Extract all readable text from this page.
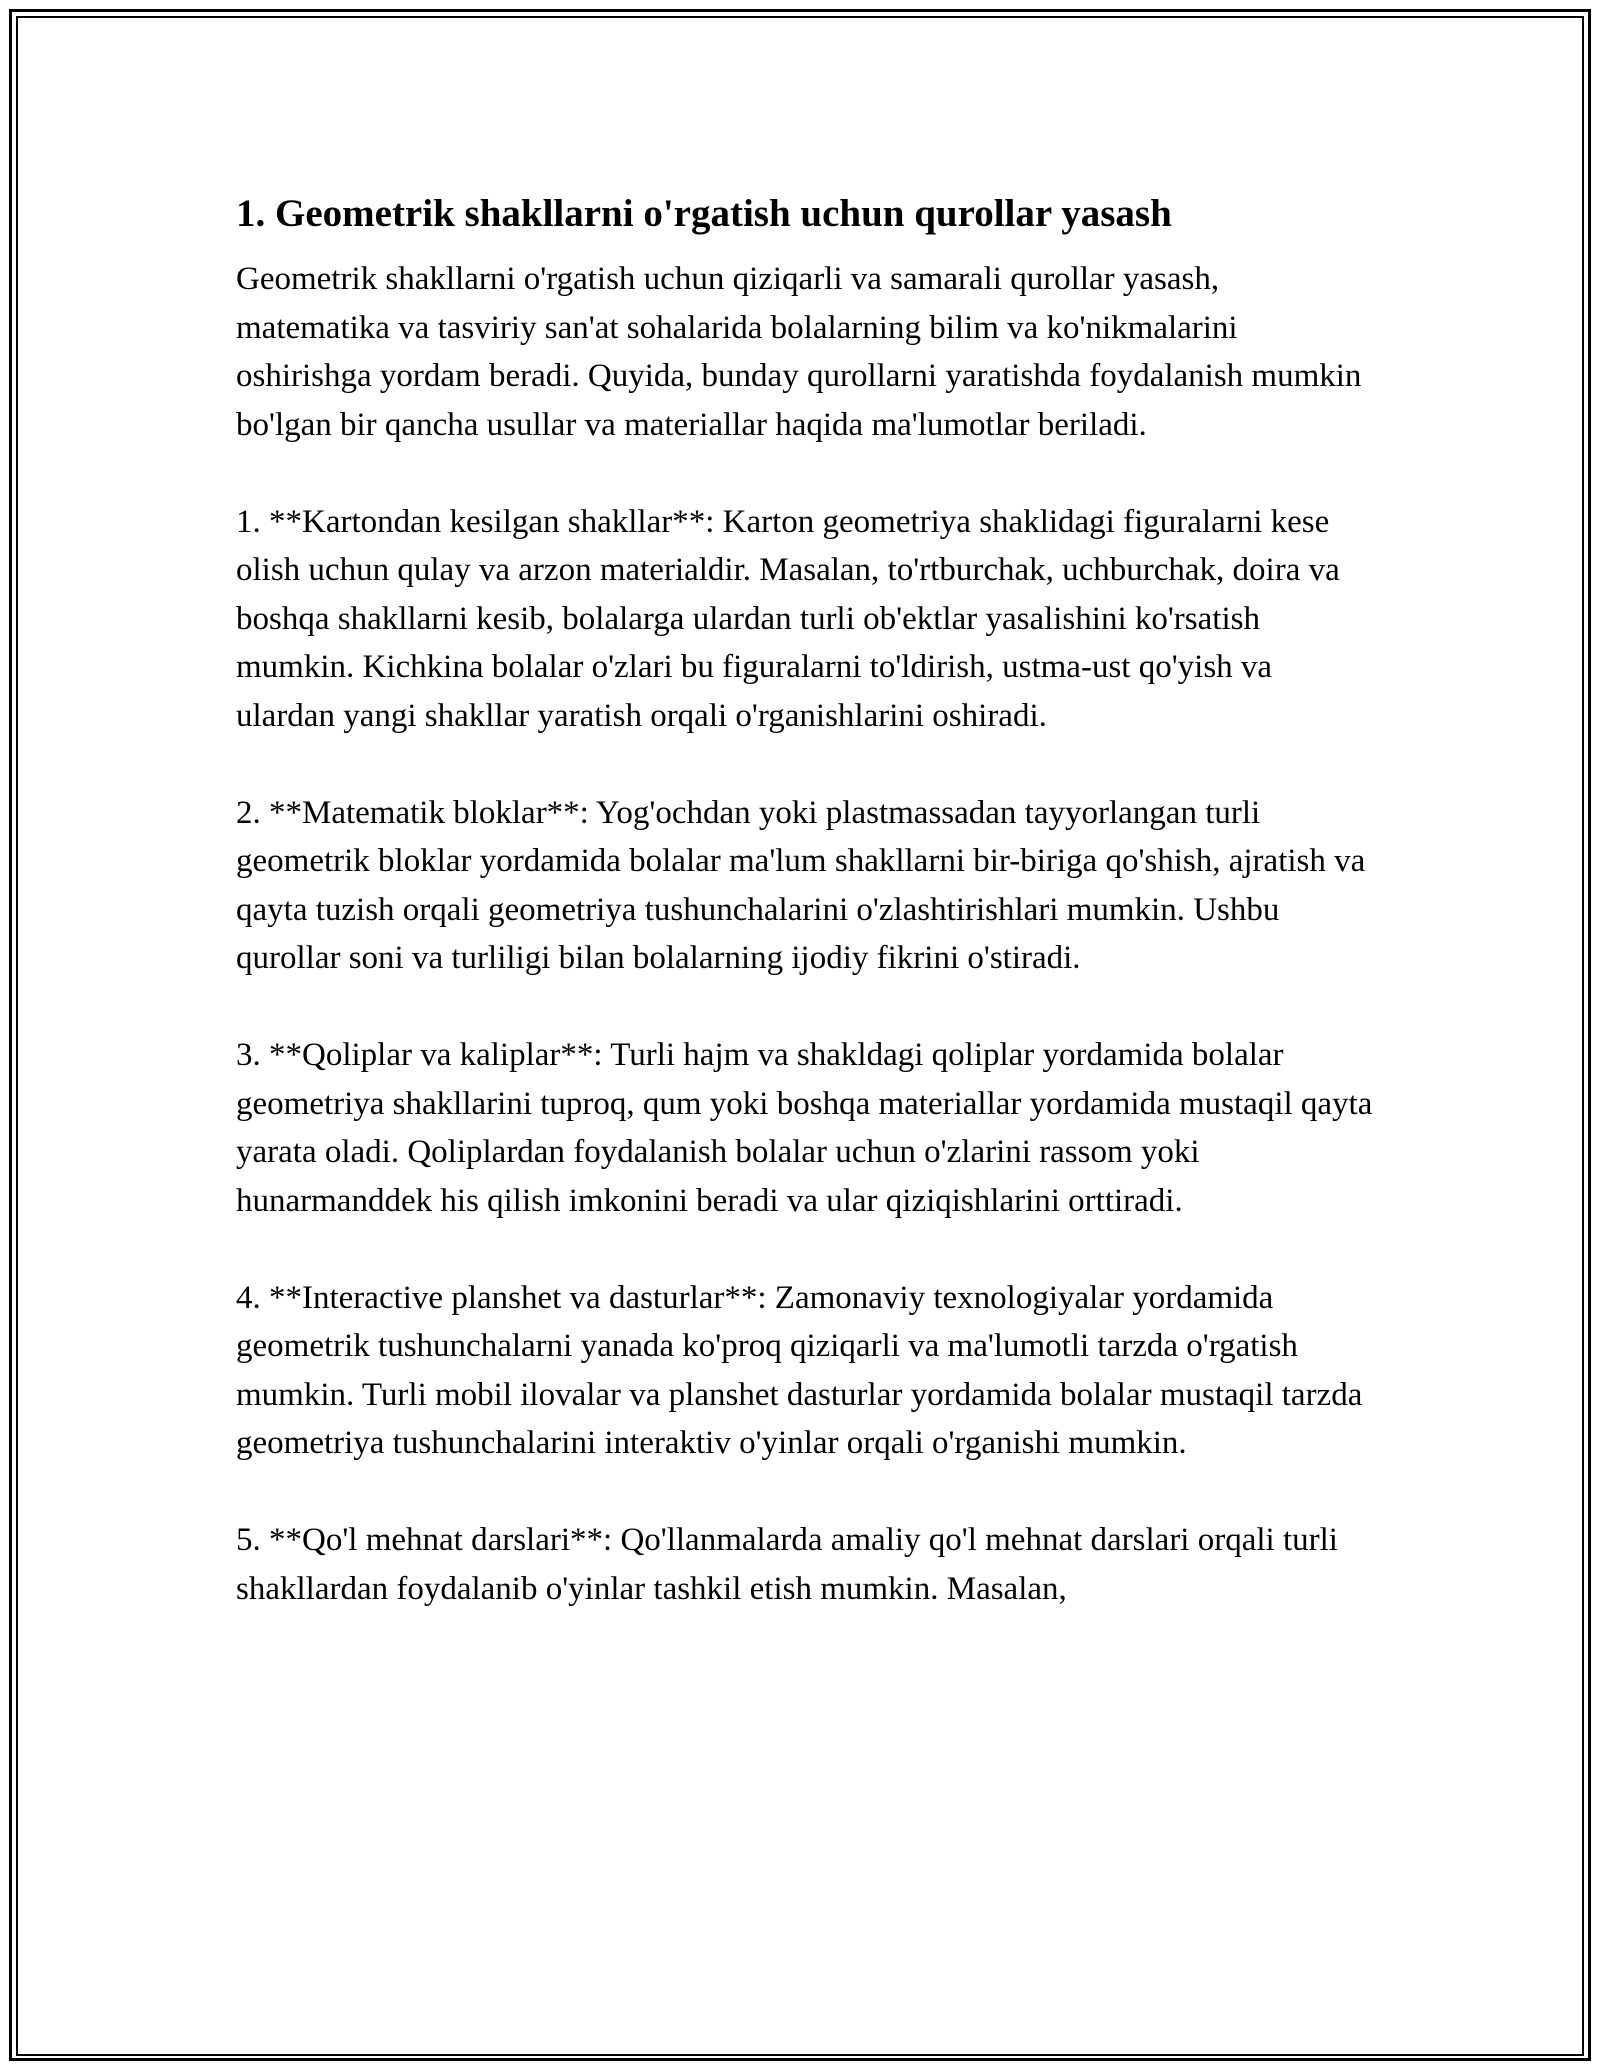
1. Geometrik shakllarni o'rgatish uchun qurollar yasash

Geometrik shakllarni o'rgatish uchun qiziqarli va samarali qurollar yasash, matematika va tasviriy san'at sohalarida bolalarning bilim va ko'nikmalarini oshirishga yordam beradi. Quyida, bunday qurollarni yaratishda foydalanish mumkin bo'lgan bir qancha usullar va materiallar haqida ma'lumotlar beriladi.

1. **Kartondan kesilgan shakllar**: Karton geometriya shaklidagi figuralarni kese olish uchun qulay va arzon materialdir. Masalan, to'rtburchak, uchburchak, doira va boshqa shakllarni kesib, bolalarga ulardan turli ob'ektlar yasalishini ko'rsatish mumkin. Kichkina bolalar o'zlari bu figuralarni to'ldirish, ustma-ust qo'yish va ulardan yangi shakllar yaratish orqali o'rganishlarini oshiradi.

2. **Matematik bloklar**: Yog'ochdan yoki plastmassadan tayyorlangan turli geometrik bloklar yordamida bolalar ma'lum shakllarni bir-biriga qo'shish, ajratish va qayta tuzish orqali geometriya tushunchalarini o'zlashtirishlari mumkin. Ushbu qurollar soni va turliligi bilan bolalarning ijodiy fikrini o'stiradi.

3. **Qoliplar va kaliplar**: Turli hajm va shakldagi qoliplar yordamida bolalar geometriya shakllarini tuproq, qum yoki boshqa materiallar yordamida mustaqil qayta yarata oladi. Qoliplardan foydalanish bolalar uchun o'zlarini rassom yoki hunarmanddek his qilish imkonini beradi va ular qiziqishlarini orttiradi.

4. **Interactive planshet va dasturlar**: Zamonaviy texnologiyalar yordamida geometrik tushunchalarni yanada ko'proq qiziqarli va ma'lumotli tarzda o'rgatish mumkin. Turli mobil ilovalar va planshet dasturlar yordamida bolalar mustaqil tarzda geometriya tushunchalarini interaktiv o'yinlar orqali o'rganishi mumkin.

5. **Qo'l mehnat darslari**: Qo'llanmalarda amaliy qo'l mehnat darslari orqali turli shakllardan foydalanib o'yinlar tashkil etish mumkin. Masalan,
